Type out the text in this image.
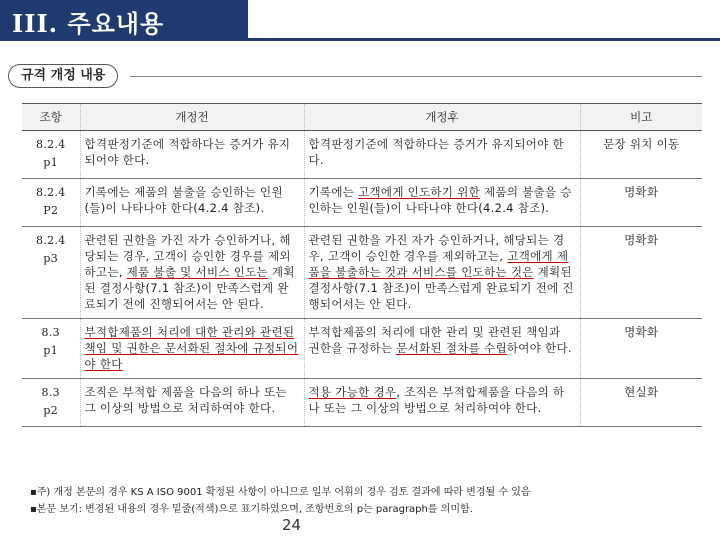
III. 주요내용
규격 개정 내용
조항	개정전	개정후	비고

8.2.4
p1	합격판정기준에 적합하다는 증거가 유지되어야 한다.	합격판정기준에 적합하다는 증거가 유지되어야 한다.	문장 위치 이동

8.2.4
P2	기록에는 제품의 불출을 승인하는 인원(들)이 나타나야 한다(4.2.4 참조).	기록에는 고객에게 인도하기 위한 제품의 불출을 승인하는 인원(들)이 나타나야 한다(4.2.4 참조).	명확화

8.2.4
p3	관련된 권한을 가진 자가 승인하거나, 해당되는 경우, 고객이 승인한 경우를 제외하고는, 제품 불출 및 서비스 인도는 계획된 결정사항(7.1 참조)이 만족스럽게 완료되기 전에 진행되어서는 안 된다.	관련된 권한을 가진 자가 승인하거나, 해당되는 경우, 고객이 승인한 경우를 제외하고는, 고객에게 제품을 불출하는 것과 서비스를 인도하는 것은 계획된 결정사항(7.1 참조)이 만족스럽게 완료되기 전에 진행되어서는 안 된다.	명확화

8.3
p1	부적합제품의 처리에 대한 관리와 관련된 책임 및 권한은 문서화된 절차에 규정되어야 한다	부적합제품의 처리에 대한 관리 및 관련된 책임과 권한을 규정하는 문서화된 절차를 수립하여야 한다.	명확화

8.3
p2	조직은 부적합 제품을 다음의 하나 또는 그 이상의 방법으로 처리하여야 한다.	적용 가능한 경우, 조직은 부적합제품을 다음의 하나 또는 그 이상의 방법으로 처리하여야 한다.	현실화
▪주) 개정 본문의 경우 KS A ISO 9001 확정된 사항이 아니므로 일부 어휘의 경우 검토 결과에 따라 변경될 수 있음
▪본문 보기: 변경된 내용의 경우 밑줄(적색)으로 표기하였으며, 조항번호의 p는 paragraph를 의미함.
24
